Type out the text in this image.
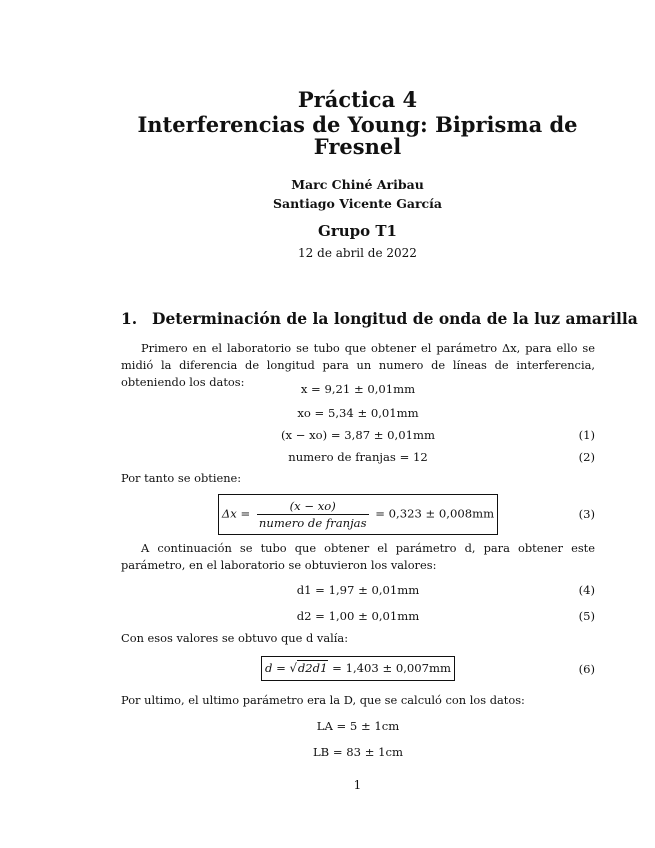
Práctica 4
Interferencias de Young: Biprisma de
Fresnel
Marc Chiné Aribau
Santiago Vicente García
Grupo T1
12 de abril de 2022
1. Determinación de la longitud de onda de la luz amarilla
Primero en el laboratorio se tubo que obtener el parámetro Δx, para ello se midió la diferencia de longitud para un numero de líneas de interferencia, obteniendo los datos:	x = 9,21 ± 0,01mm
xo = 5,34 ± 0,01mm
(x − xo) = 3,87 ± 0,01mm	(1)
numero de franjas = 12	(2)
Por tanto se obtiene:
$\Delta x = \frac{(x - xo)}{\text{numero de franjas}} = 0,323 \pm 0,008mm$	(3)
A continuación se tubo que obtener el parámetro d, para obtener este parámetro, en el laboratorio se obtuvieron los valores:
d1 = 1,97 ± 0,01mm	(4)
d2 = 1,00 ± 0,01mm	(5)
Con esos valores se obtuvo que d valía:
d = √d2d1 = 1,403 ± 0,007mm	(6)
Por ultimo, el ultimo parámetro era la D, que se calculó con los datos:
LA = 5 ± 1cm
LB = 83 ± 1cm
1
